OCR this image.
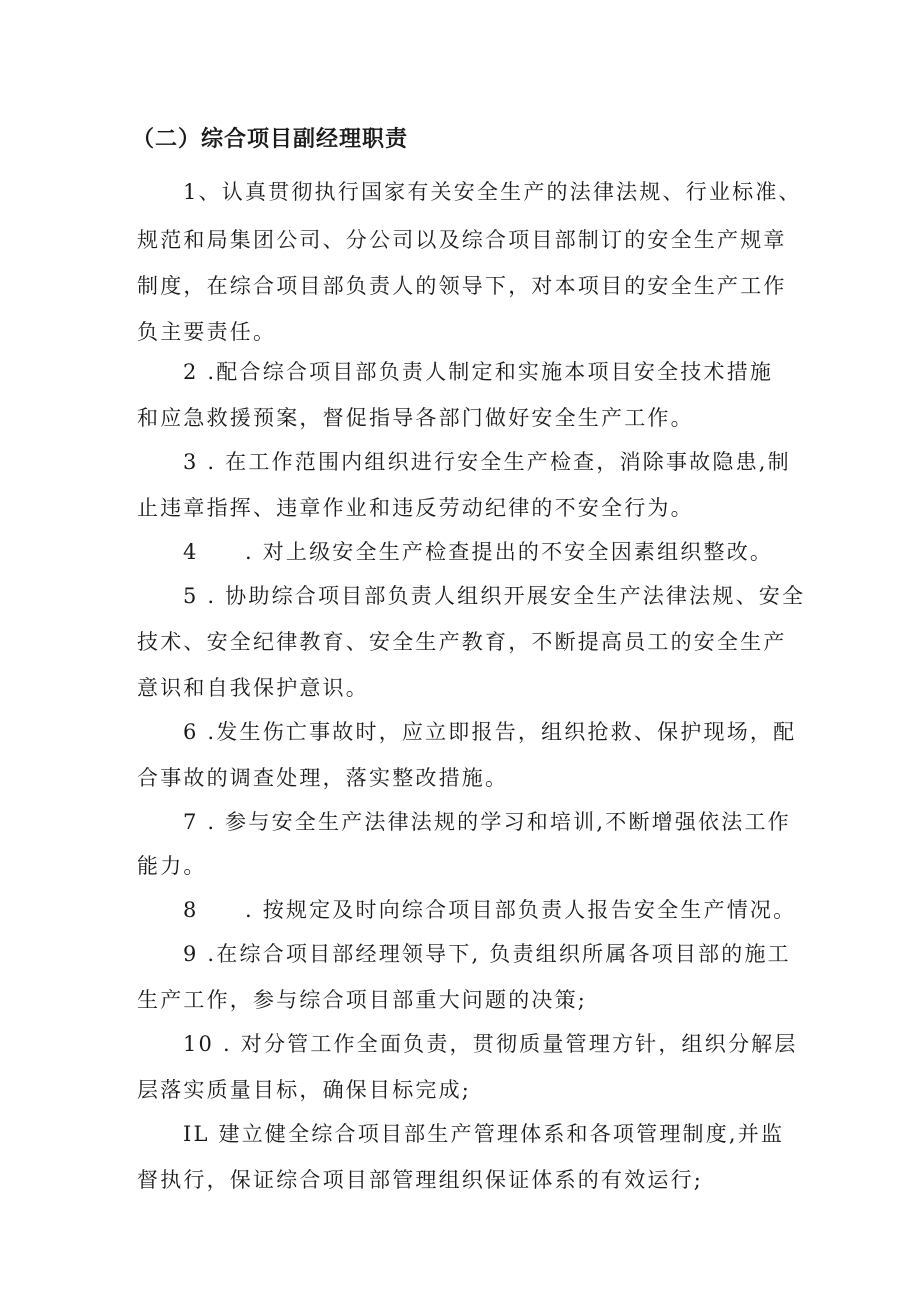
（二）综合项目副经理职责
1、认真贯彻执行国家有关安全生产的法律法规、行业标准、
规范和局集团公司、分公司以及综合项目部制订的安全生产规章
制度，在综合项目部负责人的领导下，对本项目的安全生产工作
负主要责任。
2 .配合综合项目部负责人制定和实施本项目安全技术措施
和应急救援预案，督促指导各部门做好安全生产工作。
3 . 在工作范围内组织进行安全生产检查，消除事故隐患,制
止违章指挥、违章作业和违反劳动纪律的不安全行为。
4　　. 对上级安全生产检查提出的不安全因素组织整改。
5 . 协助综合项目部负责人组织开展安全生产法律法规、安全
技术、安全纪律教育、安全生产教育，不断提高员工的安全生产
意识和自我保护意识。
6 .发生伤亡事故时，应立即报告，组织抢救、保护现场，配
合事故的调查处理，落实整改措施。
7 . 参与安全生产法律法规的学习和培训,不断增强依法工作
能力。
8　　. 按规定及时向综合项目部负责人报告安全生产情况。
9 .在综合项目部经理领导下, 负责组织所属各项目部的施工
生产工作，参与综合项目部重大问题的决策;
10 . 对分管工作全面负责，贯彻质量管理方针，组织分解层
层落实质量目标，确保目标完成;
IL 建立健全综合项目部生产管理体系和各项管理制度,并监
督执行，保证综合项目部管理组织保证体系的有效运行;
